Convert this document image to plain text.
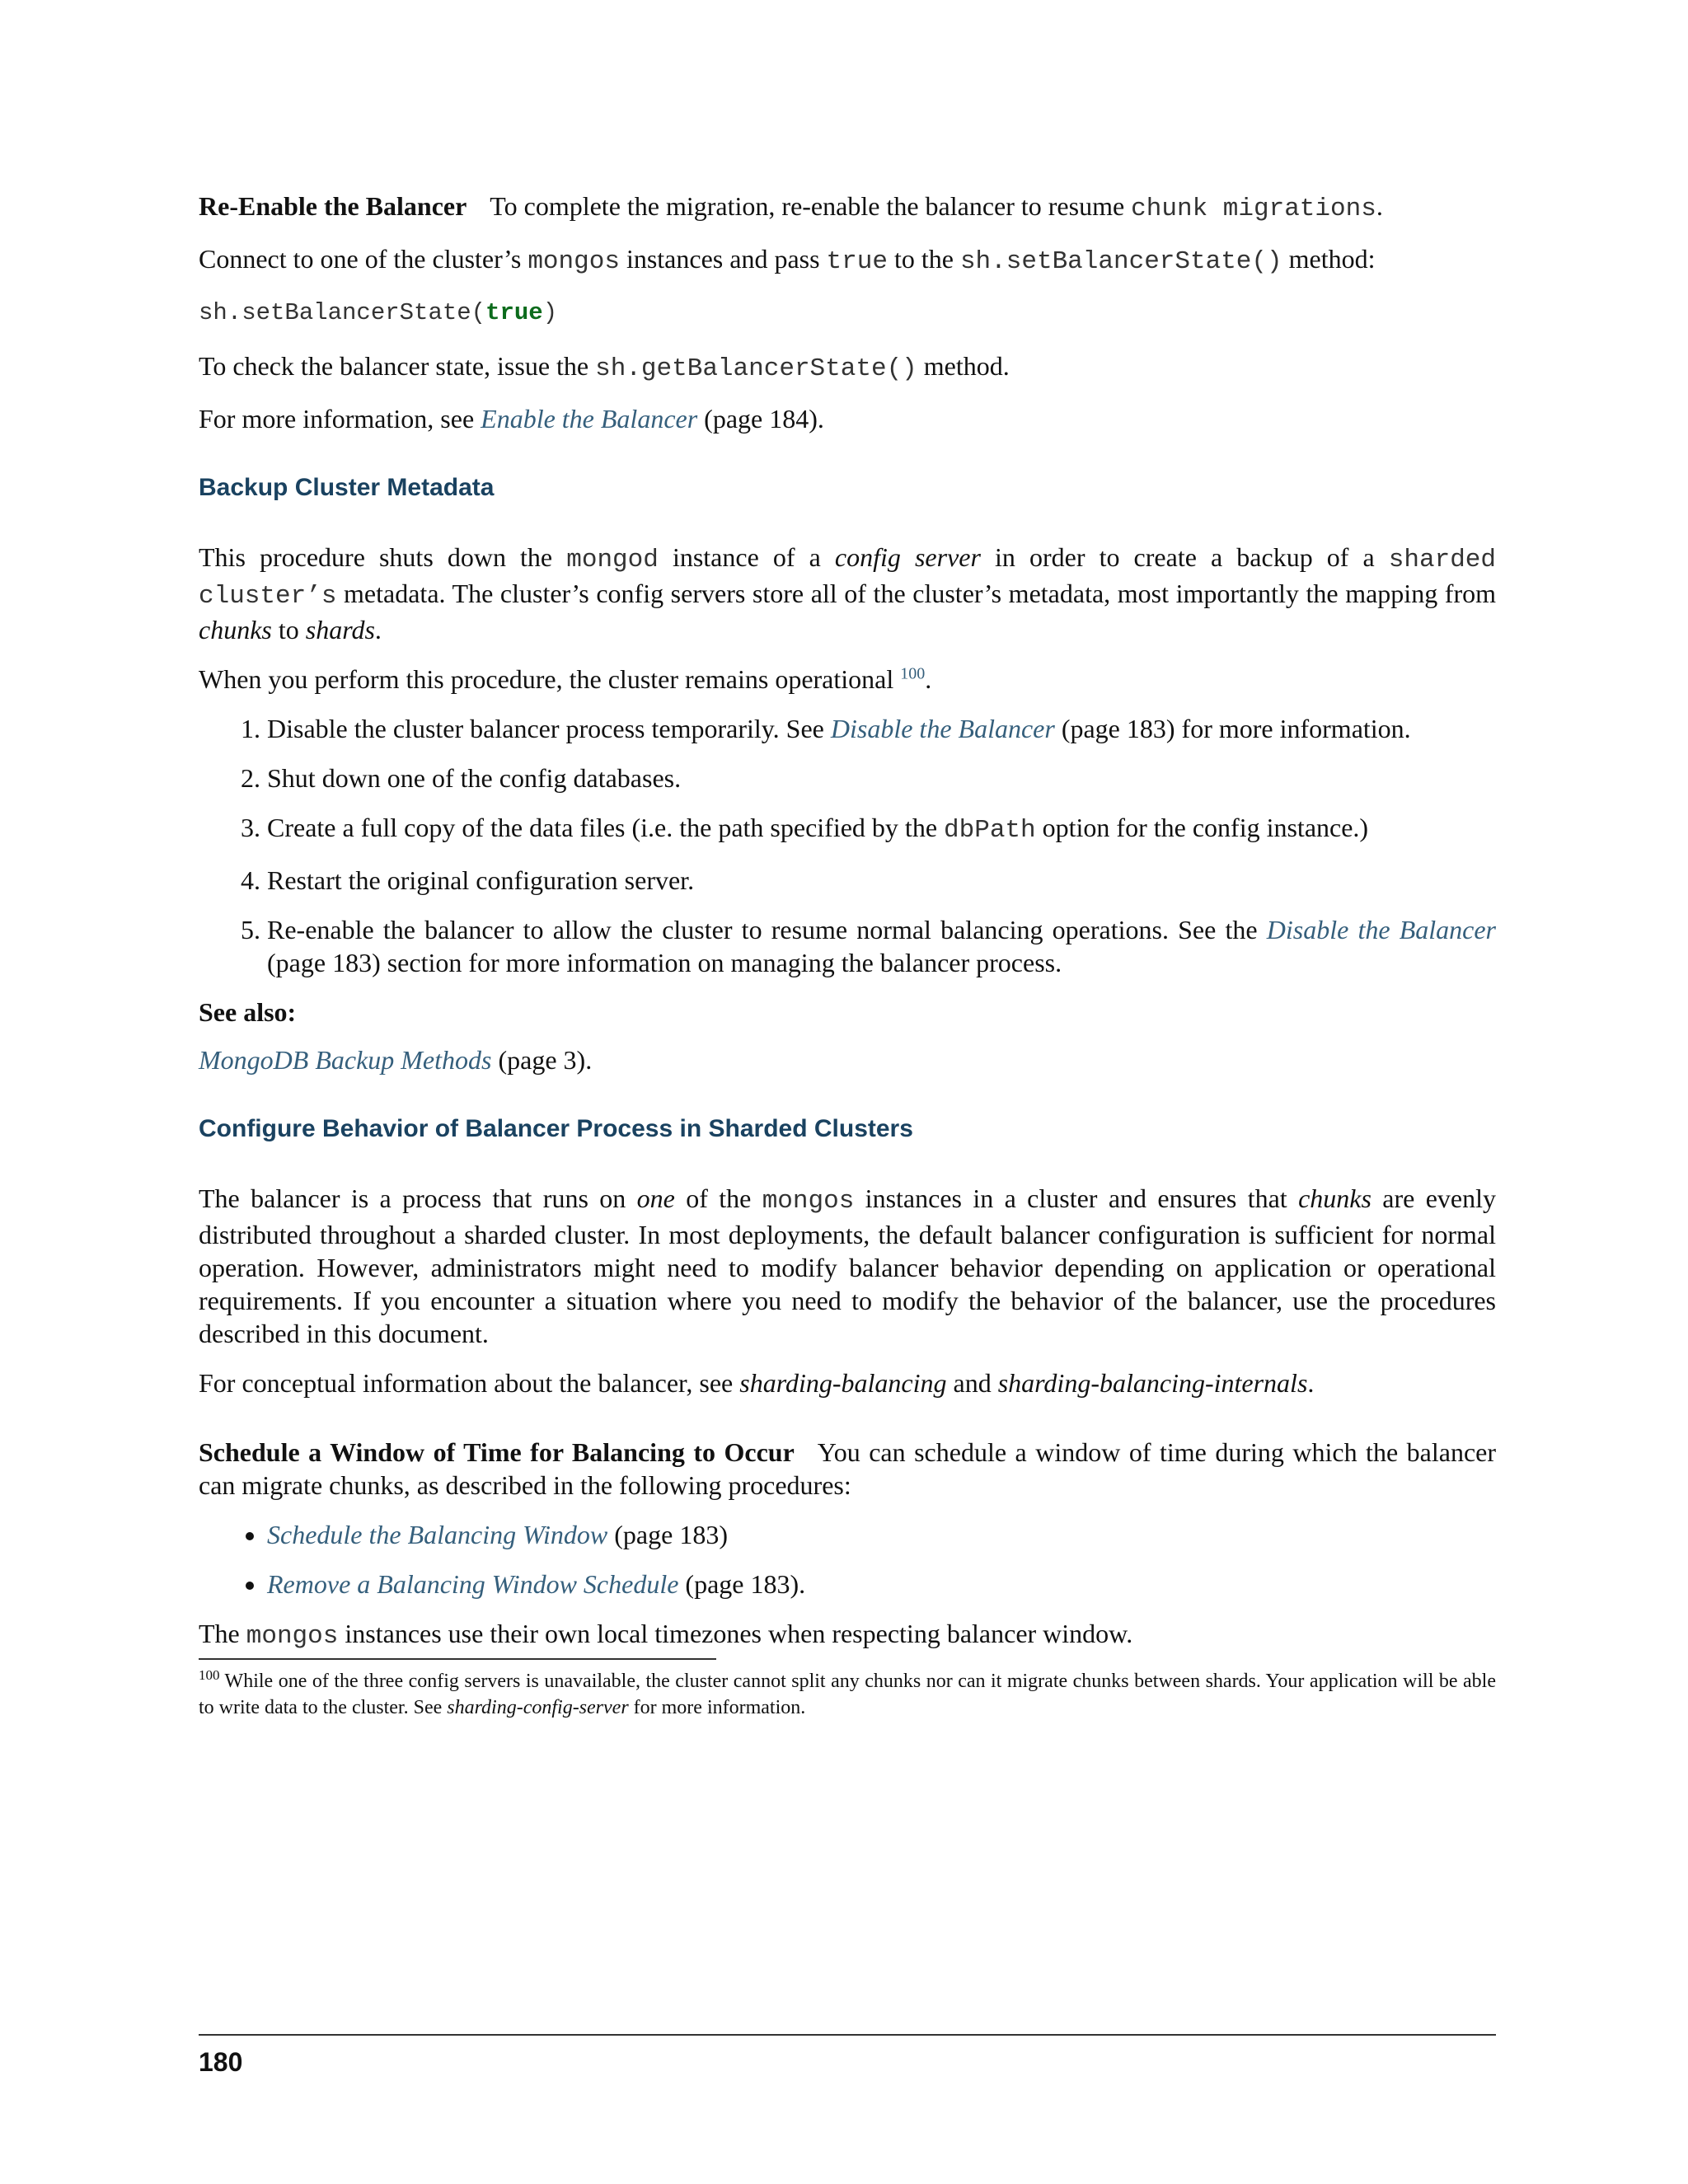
Re-Enable the Balancer To complete the migration, re-enable the balancer to resume chunk migrations.

Connect to one of the cluster’s mongos instances and pass true to the sh.setBalancerState() method:

sh.setBalancerState(true)

To check the balancer state, issue the sh.getBalancerState() method.

For more information, see Enable the Balancer (page 184).

Backup Cluster Metadata

This procedure shuts down the mongod instance of a config server in order to create a backup of a sharded cluster’s metadata. The cluster’s config servers store all of the cluster’s metadata, most importantly the mapping from chunks to shards.

When you perform this procedure, the cluster remains operational $^{100}$.

1. Disable the cluster balancer process temporarily. See Disable the Balancer (page 183) for more information.
2. Shut down one of the config databases.
3. Create a full copy of the data files (i.e. the path specified by the dbPath option for the config instance.)
4. Restart the original configuration server.
5. Re-enable the balancer to allow the cluster to resume normal balancing operations. See the Disable the Balancer (page 183) section for more information on managing the balancer process.
See also:

MongoDB Backup Methods (page 3).

Configure Behavior of Balancer Process in Sharded Clusters

The balancer is a process that runs on one of the mongos instances in a cluster and ensures that chunks are evenly distributed throughout a sharded cluster. In most deployments, the default balancer configuration is sufficient for normal operation. However, administrators might need to modify balancer behavior depending on application or operational requirements. If you encounter a situation where you need to modify the behavior of the balancer, use the procedures described in this document.

For conceptual information about the balancer, see sharding-balancing and sharding-balancing-internals.

Schedule a Window of Time for Balancing to Occur You can schedule a window of time during which the balancer can migrate chunks, as described in the following procedures:

• Schedule the Balancing Window (page 183)
• Remove a Balancing Window Schedule (page 183).

The mongos instances use their own local timezones when respecting balancer window.

$^{100}$ While one of the three config servers is unavailable, the cluster cannot split any chunks nor can it migrate chunks between shards. Your application will be able to write data to the cluster. See sharding-config-server for more information.
180
